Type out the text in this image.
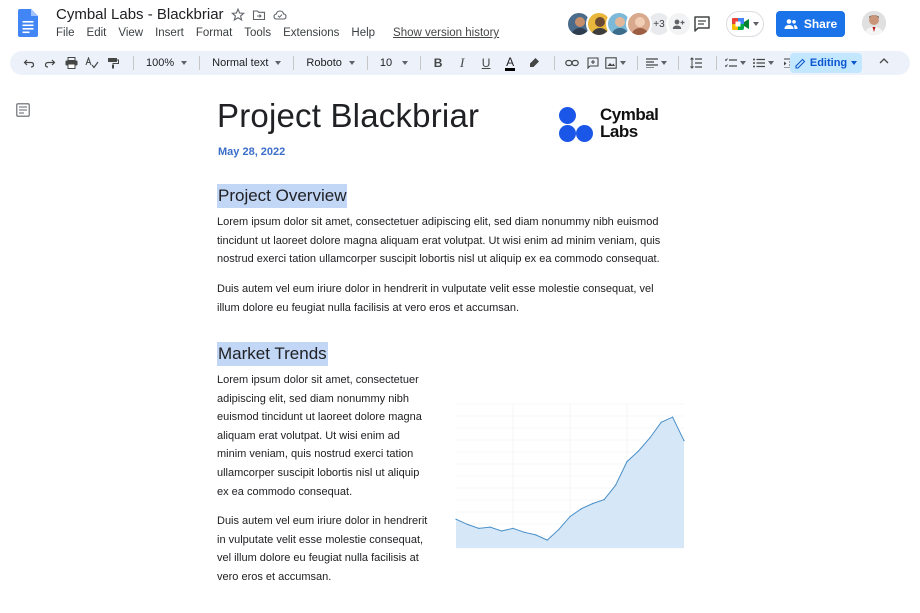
Cymbal Labs - Blackbriar
File Edit View Insert Format Tools Extensions Help Show version history
+3	Share
100%	Normal text	Roboto	10	B	I	U	A	Editing
Project Blackbriar
May 28, 2022
Cymbal
Labs
Project Overview
Lorem ipsum dolor sit amet, consectetuer adipiscing elit, sed diam nonummy nibh euismod tincidunt ut laoreet dolore magna aliquam erat volutpat. Ut wisi enim ad minim veniam, quis nostrud exerci tation ullamcorper suscipit lobortis nisl ut aliquip ex ea commodo consequat.
Duis autem vel eum iriure dolor in hendrerit in vulputate velit esse molestie consequat, vel illum dolore eu feugiat nulla facilisis at vero eros et accumsan.
Market Trends
Lorem ipsum dolor sit amet, consectetuer adipiscing elit, sed diam nonummy nibh euismod tincidunt ut laoreet dolore magna aliquam erat volutpat. Ut wisi enim ad minim veniam, quis nostrud exerci tation ullamcorper suscipit lobortis nisl ut aliquip ex ea commodo consequat.
Duis autem vel eum iriure dolor in hendrerit in vulputate velit esse molestie consequat, vel illum dolore eu feugiat nulla facilisis at vero eros et accumsan.
